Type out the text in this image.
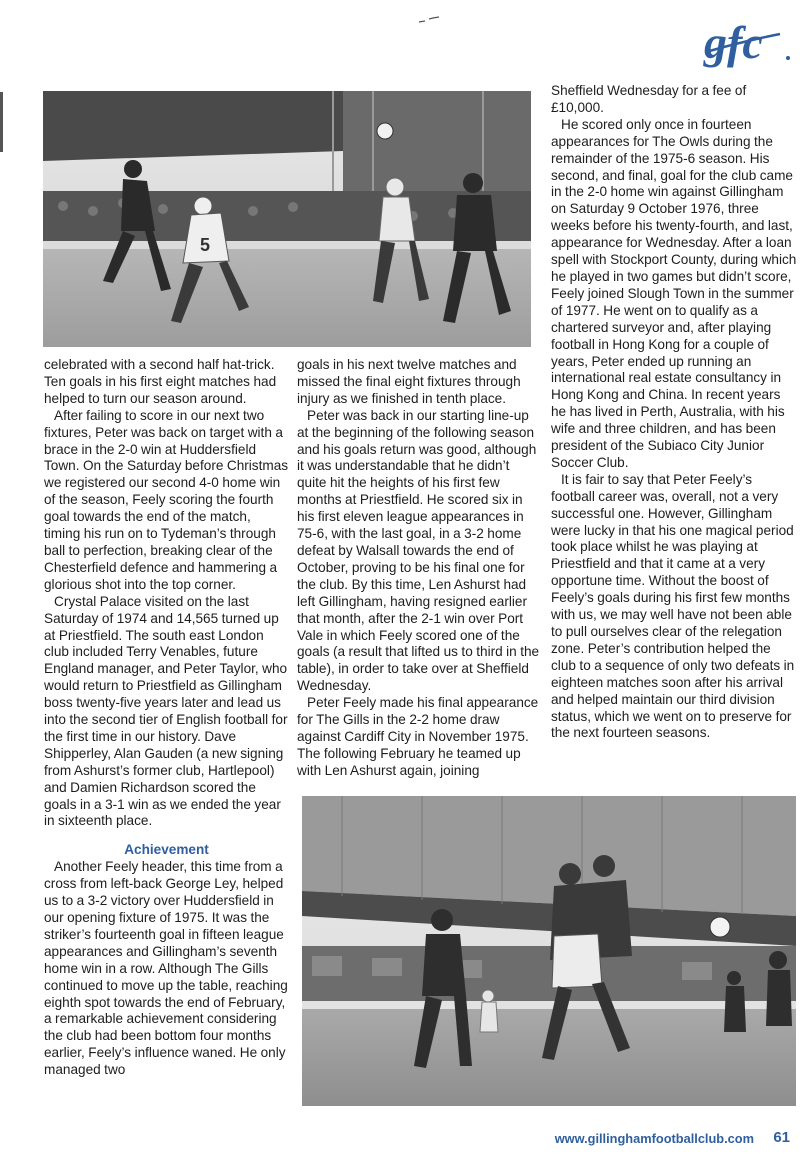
gfc
5

celebrated with a second half hat-trick. Ten goals in his first eight matches had helped to turn our season around.

After failing to score in our next two fixtures, Peter was back on target with a brace in the 2-0 win at Huddersfield Town. On the Saturday before Christmas we registered our second 4-0 home win of the season, Feely scoring the fourth goal towards the end of the match, timing his run on to Tydeman’s through ball to perfection, breaking clear of the Chesterfield defence and hammering a glorious shot into the top corner.

Crystal Palace visited on the last Saturday of 1974 and 14,565 turned up at Priestfield. The south east London club included Terry Venables, future England manager, and Peter Taylor, who would return to Priestfield as Gillingham boss twenty-five years later and lead us into the second tier of English football for the first time in our history. Dave Shipperley, Alan Gauden (a new signing from Ashurst’s former club, Hartlepool) and Damien Richardson scored the goals in a 3-1 win as we ended the year in sixteenth place.

Achievement

Another Feely header, this time from a cross from left-back George Ley, helped us to a 3-2 victory over Huddersfield in our opening fixture of 1975. It was the striker’s fourteenth goal in fifteen league appearances and Gillingham’s seventh home win in a row. Although The Gills continued to move up the table, reaching eighth spot towards the end of February, a remarkable achievement considering the club had been bottom four months earlier, Feely’s influence waned. He only managed two

goals in his next twelve matches and missed the final eight fixtures through injury as we finished in tenth place.

Peter was back in our starting line-up at the beginning of the following season and his goals return was good, although it was understandable that he didn’t quite hit the heights of his first few months at Priestfield. He scored six in his first eleven league appearances in 75-6, with the last goal, in a 3-2 home defeat by Walsall towards the end of October, proving to be his final one for the club. By this time, Len Ashurst had left Gillingham, having resigned earlier that month, after the 2-1 win over Port Vale in which Feely scored one of the goals (a result that lifted us to third in the table), in order to take over at Sheffield Wednesday.

Peter Feely made his final appearance for The Gills in the 2-2 home draw against Cardiff City in November 1975. The following February he teamed up with Len Ashurst again, joining

Sheffield Wednesday for a fee of £10,000.

He scored only once in fourteen appearances for The Owls during the remainder of the 1975-6 season. His second, and final, goal for the club came in the 2-0 home win against Gillingham on Saturday 9 October 1976, three weeks before his twenty-fourth, and last, appearance for Wednesday. After a loan spell with Stockport County, during which he played in two games but didn’t score, Feely joined Slough Town in the summer of 1977. He went on to qualify as a chartered surveyor and, after playing football in Hong Kong for a couple of years, Peter ended up running an international real estate consultancy in Hong Kong and China. In recent years he has lived in Perth, Australia, with his wife and three children, and has been president of the Subiaco City Junior Soccer Club.

It is fair to say that Peter Feely’s football career was, overall, not a very successful one. However, Gillingham were lucky in that his one magical period took place whilst he was playing at Priestfield and that it came at a very opportune time. Without the boost of Feely’s goals during his first few months with us, we may well have not been able to pull ourselves clear of the relegation zone. Peter’s contribution helped the club to a sequence of only two defeats in eighteen matches soon after his arrival and helped maintain our third division status, which we went on to preserve for the next fourteen seasons.

www.gillinghamfootballclub.com 61
